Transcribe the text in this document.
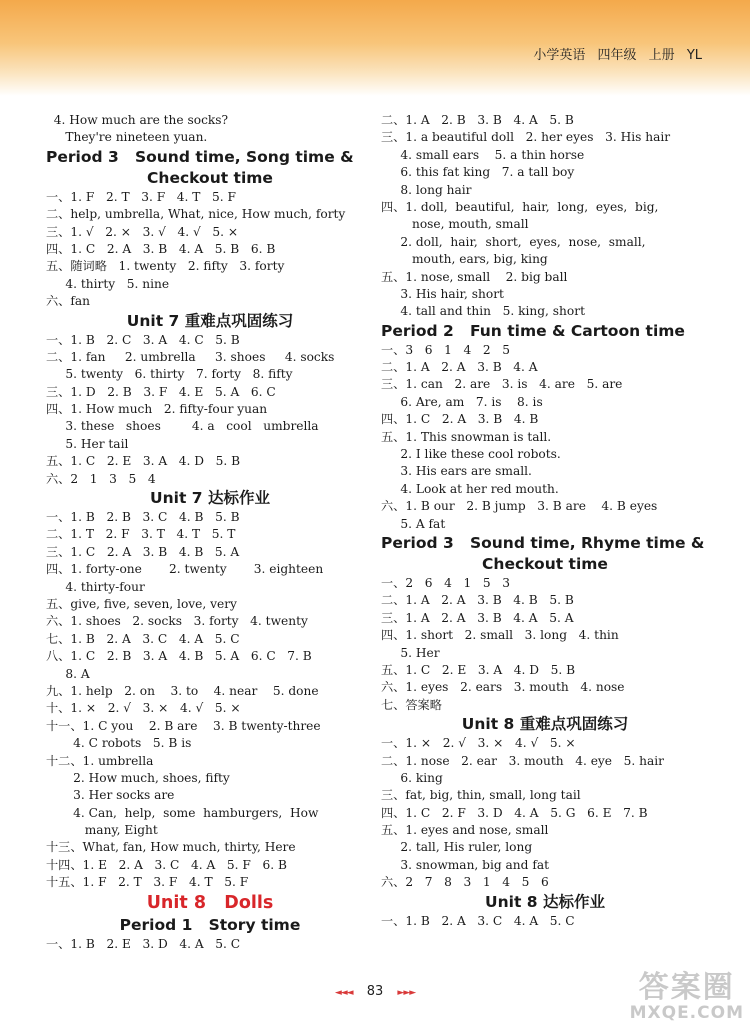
小学英语 四年级 上册 YL
4. How much are the socks?
They're nineteen yuan.
Period 3   Sound time, Song time &
Checkout time
一、1. F   2. T   3. F   4. T   5. F
二、help, umbrella, What, nice, How much, forty
三、1. √   2. ×   3. √   4. √   5. ×
四、1. C   2. A   3. B   4. A   5. B   6. B
五、随词略   1. twenty   2. fifty   3. forty
4. thirty   5. nine
六、fan
Unit 7 重难点巩固练习
一、1. B   2. C   3. A   4. C   5. B
二、1. fan     2. umbrella     3. shoes     4. socks
5. twenty   6. thirty   7. forty   8. fifty
三、1. D   2. B   3. F   4. E   5. A   6. C
四、1. How much   2. fifty-four yuan
3. these   shoes        4. a   cool   umbrella
5. Her tail
五、1. C   2. E   3. A   4. D   5. B
六、2   1   3   5   4
Unit 7 达标作业
一、1. B   2. B   3. C   4. B   5. B
二、1. T   2. F   3. T   4. T   5. T
三、1. C   2. A   3. B   4. B   5. A
四、1. forty-one       2. twenty       3. eighteen
4. thirty-four
五、give, five, seven, love, very
六、1. shoes   2. socks   3. forty   4. twenty
七、1. B   2. A   3. C   4. A   5. C
八、1. C   2. B   3. A   4. B   5. A   6. C   7. B
8. A
九、1. help   2. on    3. to    4. near    5. done
十、1. ×   2. √   3. ×   4. √   5. ×
十一、1. C you    2. B are    3. B twenty-three
4. C robots   5. B is
十二、1. umbrella
2. How much, shoes, fifty
3. Her socks are
4. Can,  help,  some  hamburgers,  How
many, Eight
十三、What, fan, How much, thirty, Here
十四、1. E   2. A   3. C   4. A   5. F   6. B
十五、1. F   2. T   3. F   4. T   5. F
Unit 8   Dolls
Period 1   Story time
一、1. B   2. E   3. D   4. A   5. C
二、1. A   2. B   3. B   4. A   5. B
三、1. a beautiful doll   2. her eyes   3. His hair
4. small ears    5. a thin horse
6. this fat king   7. a tall boy
8. long hair
四、1. doll,  beautiful,  hair,  long,  eyes,  big,
nose, mouth, small
2. doll,  hair,  short,  eyes,  nose,  small,
mouth, ears, big, king
五、1. nose, small    2. big ball
3. His hair, short
4. tall and thin   5. king, short
Period 2   Fun time & Cartoon time
一、3   6   1   4   2   5
二、1. A   2. A   3. B   4. A
三、1. can   2. are   3. is   4. are   5. are
6. Are, am   7. is    8. is
四、1. C   2. A   3. B   4. B
五、1. This snowman is tall.
2. I like these cool robots.
3. His ears are small.
4. Look at her red mouth.
六、1. B our   2. B jump   3. B are    4. B eyes
5. A fat
Period 3   Sound time, Rhyme time &
Checkout time
一、2   6   4   1   5   3
二、1. A   2. A   3. B   4. B   5. B
三、1. A   2. A   3. B   4. A   5. A
四、1. short   2. small   3. long   4. thin
5. Her
五、1. C   2. E   3. A   4. D   5. B
六、1. eyes   2. ears   3. mouth   4. nose
七、答案略
Unit 8 重难点巩固练习
一、1. ×   2. √   3. ×   4. √   5. ×
二、1. nose   2. ear   3. mouth   4. eye   5. hair
6. king
三、fat, big, thin, small, long tail
四、1. C   2. F   3. D   4. A   5. G   6. E   7. B
五、1. eyes and nose, small
2. tall, His ruler, long
3. snowman, big and fat
六、2   7   8   3   1   4   5   6
Unit 8 达标作业
一、1. B   2. A   3. C   4. A   5. C
◄◄◄ 83 ►►►	答案圈
MXQE.COM
